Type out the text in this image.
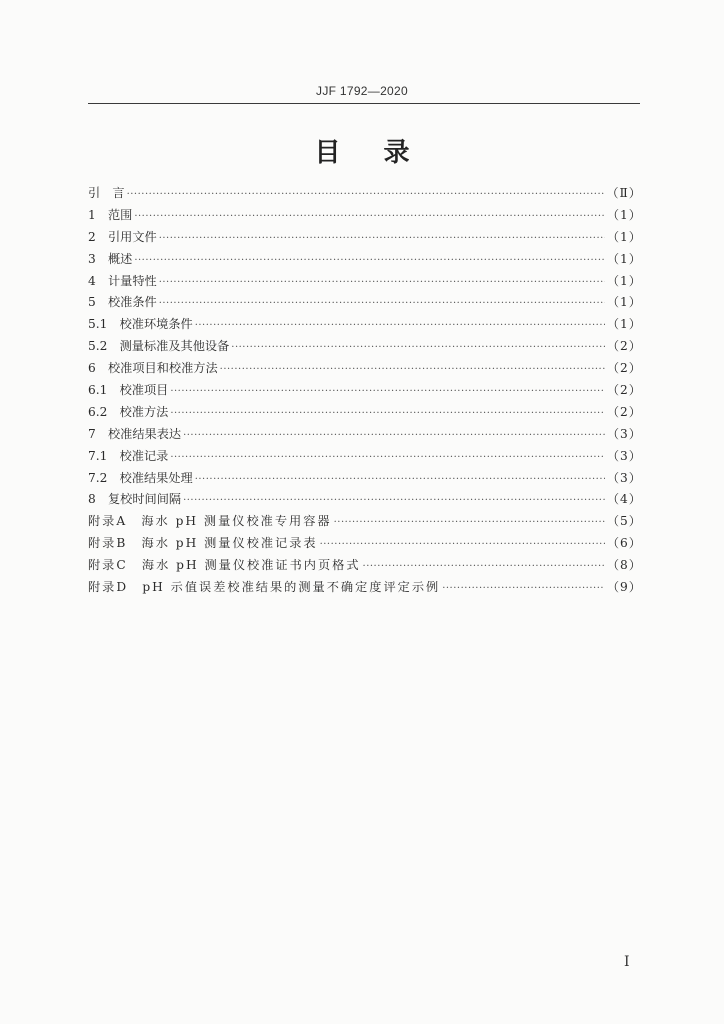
JJF 1792—2020
目 录
引　言 ·····	（Ⅱ）
1　范围 ·····	（1）
2　引用文件 ·····	（1）
3　概述 ·····	（1）
4　计量特性 ·····	（1）
5　校准条件 ·····	（1）
5.1　校准环境条件 ·····	（1）
5.2　测量标准及其他设备 ·····	（2）
6　校准项目和校准方法 ·····	（2）
6.1　校准项目 ·····	（2）
6.2　校准方法 ·····	（2）
7　校准结果表达 ·····	（3）
7.1　校准记录 ·····	（3）
7.2　校准结果处理 ·····	（3）
8　复校时间间隔 ·····	（4）
附录A　海水 pH 测量仪校准专用容器 ·····	（5）
附录B　海水 pH 测量仪校准记录表 ·····	（6）
附录C　海水 pH 测量仪校准证书内页格式 ·····	（8）
附录D　pH 示值误差校准结果的测量不确定度评定示例 ·····	（9）
I
